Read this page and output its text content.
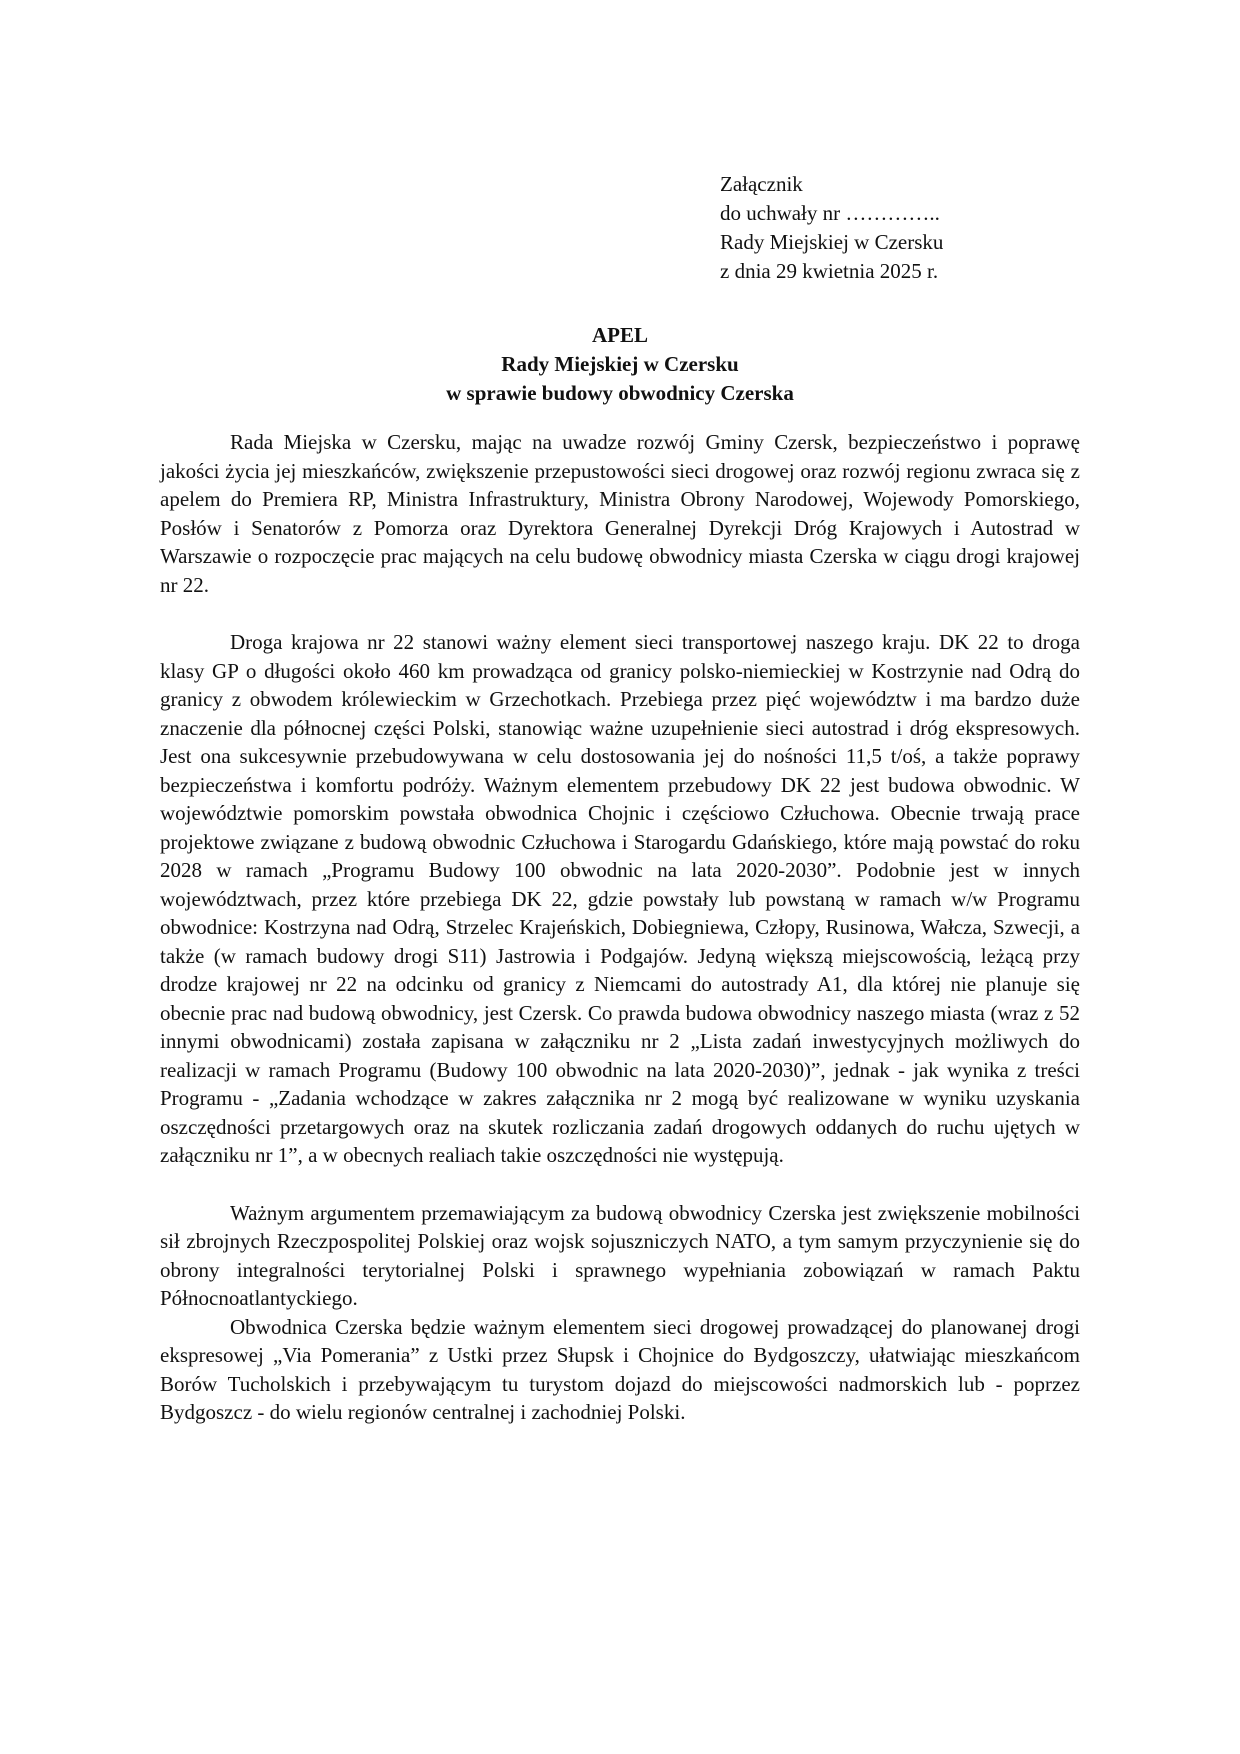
Załącznik
do uchwały nr …………..
Rady Miejskiej w Czersku
z dnia 29 kwietnia 2025 r.
APEL
Rady Miejskiej w Czersku
w sprawie budowy obwodnicy Czerska

Rada Miejska w Czersku, mając na uwadze rozwój Gminy Czersk, bezpieczeństwo i poprawę jakości życia jej mieszkańców, zwiększenie przepustowości sieci drogowej oraz rozwój regionu zwraca się z apelem do Premiera RP, Ministra Infrastruktury, Ministra Obrony Narodowej, Wojewody Pomorskiego, Posłów i Senatorów z Pomorza oraz Dyrektora Generalnej Dyrekcji Dróg Krajowych i Autostrad w Warszawie o rozpoczęcie prac mających na celu budowę obwodnicy miasta Czerska w ciągu drogi krajowej nr 22.

Droga krajowa nr 22 stanowi ważny element sieci transportowej naszego kraju. DK 22 to droga klasy GP o długości około 460 km prowadząca od granicy polsko-niemieckiej w Kostrzynie nad Odrą do granicy z obwodem królewieckim w Grzechotkach. Przebiega przez pięć województw i ma bardzo duże znaczenie dla północnej części Polski, stanowiąc ważne uzupełnienie sieci autostrad i dróg ekspresowych. Jest ona sukcesywnie przebudowywana w celu dostosowania jej do nośności 11,5 t/oś, a także poprawy bezpieczeństwa i komfortu podróży. Ważnym elementem przebudowy DK 22 jest budowa obwodnic. W województwie pomorskim powstała obwodnica Chojnic i częściowo Człuchowa. Obecnie trwają prace projektowe związane z budową obwodnic Człuchowa i Starogardu Gdańskiego, które mają powstać do roku 2028 w ramach „Programu Budowy 100 obwodnic na lata 2020-2030”. Podobnie jest w innych województwach, przez które przebiega DK 22, gdzie powstały lub powstaną w ramach w/w Programu obwodnice: Kostrzyna nad Odrą, Strzelec Krajeńskich, Dobiegniewa, Człopy, Rusinowa, Wałcza, Szwecji, a także (w ramach budowy drogi S11) Jastrowia i Podgajów. Jedyną większą miejscowością, leżącą przy drodze krajowej nr 22 na odcinku od granicy z Niemcami do autostrady A1, dla której nie planuje się obecnie prac nad budową obwodnicy, jest Czersk. Co prawda budowa obwodnicy naszego miasta (wraz z 52 innymi obwodnicami) została zapisana w załączniku nr 2 „Lista zadań inwestycyjnych możliwych do realizacji w ramach Programu (Budowy 100 obwodnic na lata 2020-2030)”, jednak - jak wynika z treści Programu - „Zadania wchodzące w zakres załącznika nr 2 mogą być realizowane w wyniku uzyskania oszczędności przetargowych oraz na skutek rozliczania zadań drogowych oddanych do ruchu ujętych w załączniku nr 1”, a w obecnych realiach takie oszczędności nie występują.

Ważnym argumentem przemawiającym za budową obwodnicy Czerska jest zwiększenie mobilności sił zbrojnych Rzeczpospolitej Polskiej oraz wojsk sojuszniczych NATO, a tym samym przyczynienie się do obrony integralności terytorialnej Polski i sprawnego wypełniania zobowiązań w ramach Paktu Północnoatlantyckiego.

Obwodnica Czerska będzie ważnym elementem sieci drogowej prowadzącej do planowanej drogi ekspresowej „Via Pomerania” z Ustki przez Słupsk i Chojnice do Bydgoszczy, ułatwiając mieszkańcom Borów Tucholskich i przebywającym tu turystom dojazd do miejscowości nadmorskich lub - poprzez Bydgoszcz - do wielu regionów centralnej i zachodniej Polski.
